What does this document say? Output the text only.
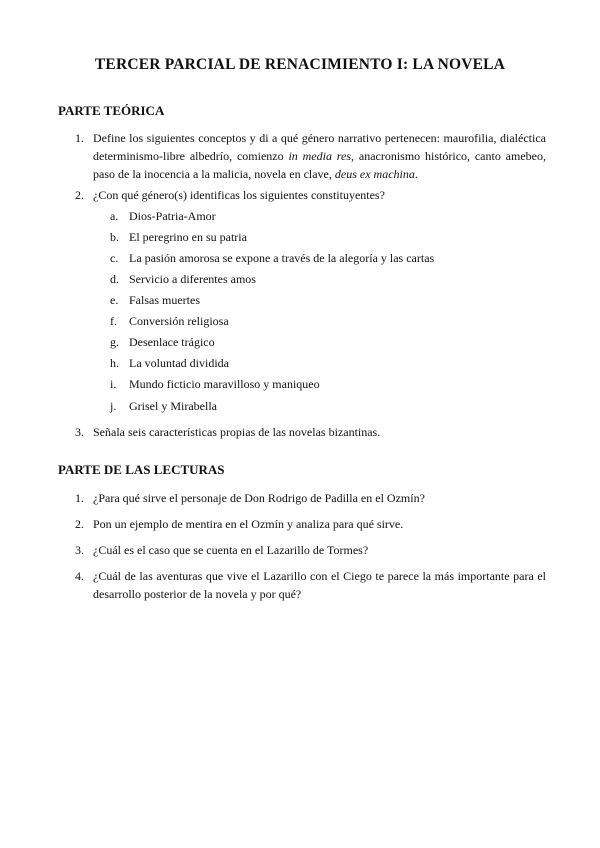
TERCER PARCIAL DE RENACIMIENTO I: LA NOVELA
PARTE TEÓRICA
1. Define los siguientes conceptos y di a qué género narrativo pertenecen: maurofilia, dialéctica determinismo-libre albedrío, comienzo in media res, anacronismo histórico, canto amebeo, paso de la inocencia a la malicia, novela en clave, deus ex machina.
2. ¿Con qué género(s) identificas los siguientes constituyentes?
a. Dios-Patria-Amor
b. El peregrino en su patria
c. La pasión amorosa se expone a través de la alegoría y las cartas
d. Servicio a diferentes amos
e. Falsas muertes
f.	Conversión religiosa
g. Desenlace trágico
h. La voluntad dividida
i.	Mundo ficticio maravilloso y maniqueo
j.	Grisel y Mirabella
3. Señala seis características propias de las novelas bizantinas.
PARTE DE LAS LECTURAS
1. ¿Para qué sirve el personaje de Don Rodrigo de Padilla en el Ozmín?
2. Pon un ejemplo de mentira en el Ozmín y analiza para qué sirve.
3. ¿Cuál es el caso que se cuenta en el Lazarillo de Tormes?
4. ¿Cuál de las aventuras que vive el Lazarillo con el Ciego te parece la más importante para el desarrollo posterior de la novela y por qué?
